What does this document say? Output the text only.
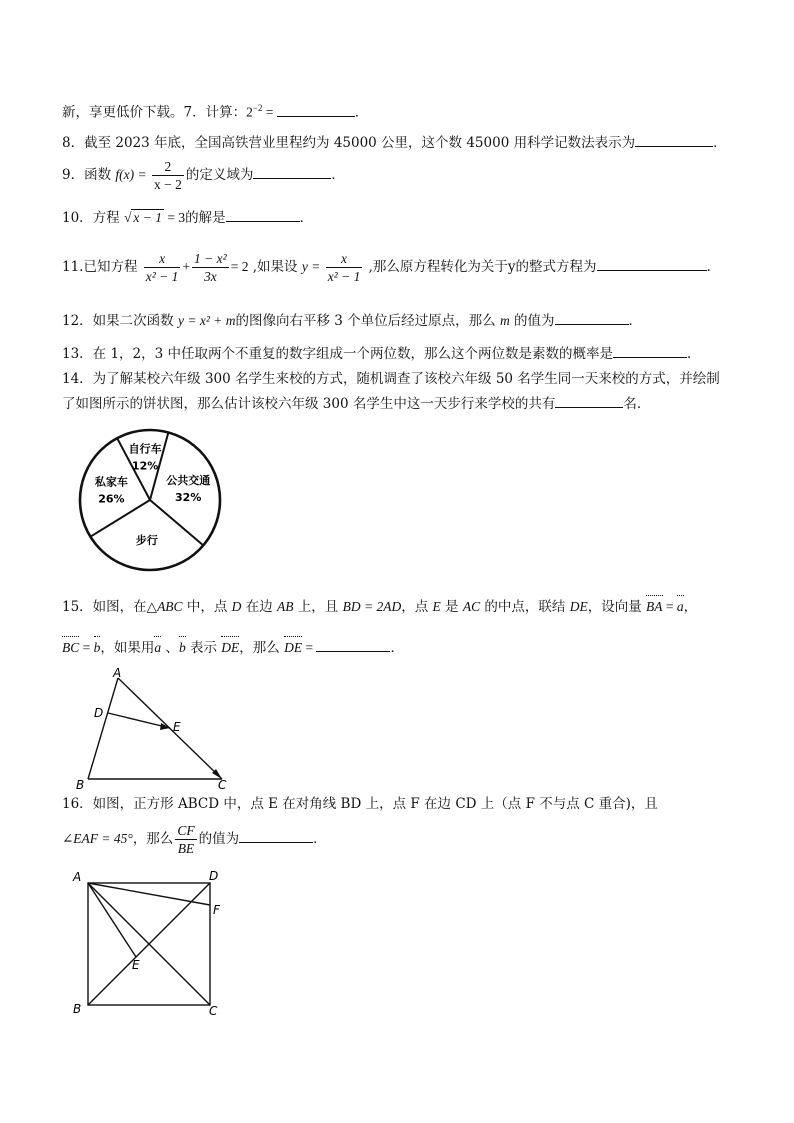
新，享更低价下载。7．计算：$2^{-2}$ =	．
8．截至 2023 年底，全国高铁营业里程约为 45000 公里，这个数 45000 用科学记数法表示为	．
9．函数 $f(x) = \frac{2}{x - 2}$ 的定义域为	．
10．方程 √ x − 1 = 3的解是	．
11.已知方程 $\frac{x}{\text{x² − 1}} + \frac{\text{1 − x²}}{3x} = 2$ ,如果设 $y = \frac{x}{\text{x² − 1}}$ ,那么原方程转化为关于y的整式方程为	．
12．如果二次函数 y = x² + m的图像向右平移 3 个单位后经过原点，那么 m 的值为	．
13．在 1，2，3 中任取两个不重复的数字组成一个两位数，那么这个两位数是素数的概率是	．
14．为了解某校六年级 300 名学生来校的方式，随机调查了该校六年级 50 名学生同一天来校的方式，并绘制
了如图所示的饼状图，那么估计该校六年级 300 名学生中这一天步行来学校的共有	名．
自行车
12%
公共交通
32%
步行
私家车
26%
15．如图，在△ABC 中，点 D 在边 AB 上，且 BD = 2AD，点 E 是 AC 的中点，联结 DE，设向量 BA = a，
BC = b，如果用a 、b 表示 DE，那么 DE =	．
A
D
E
B	C
16．如图，正方形 ABCD 中，点 E 在对角线 BD 上，点 F 在边 CD 上（点 F 不与点 C 重合)，且
∠EAF = 45°，那么 $\frac{CF}{BE}$ 的值为	．
A	D
F
E
B	C
